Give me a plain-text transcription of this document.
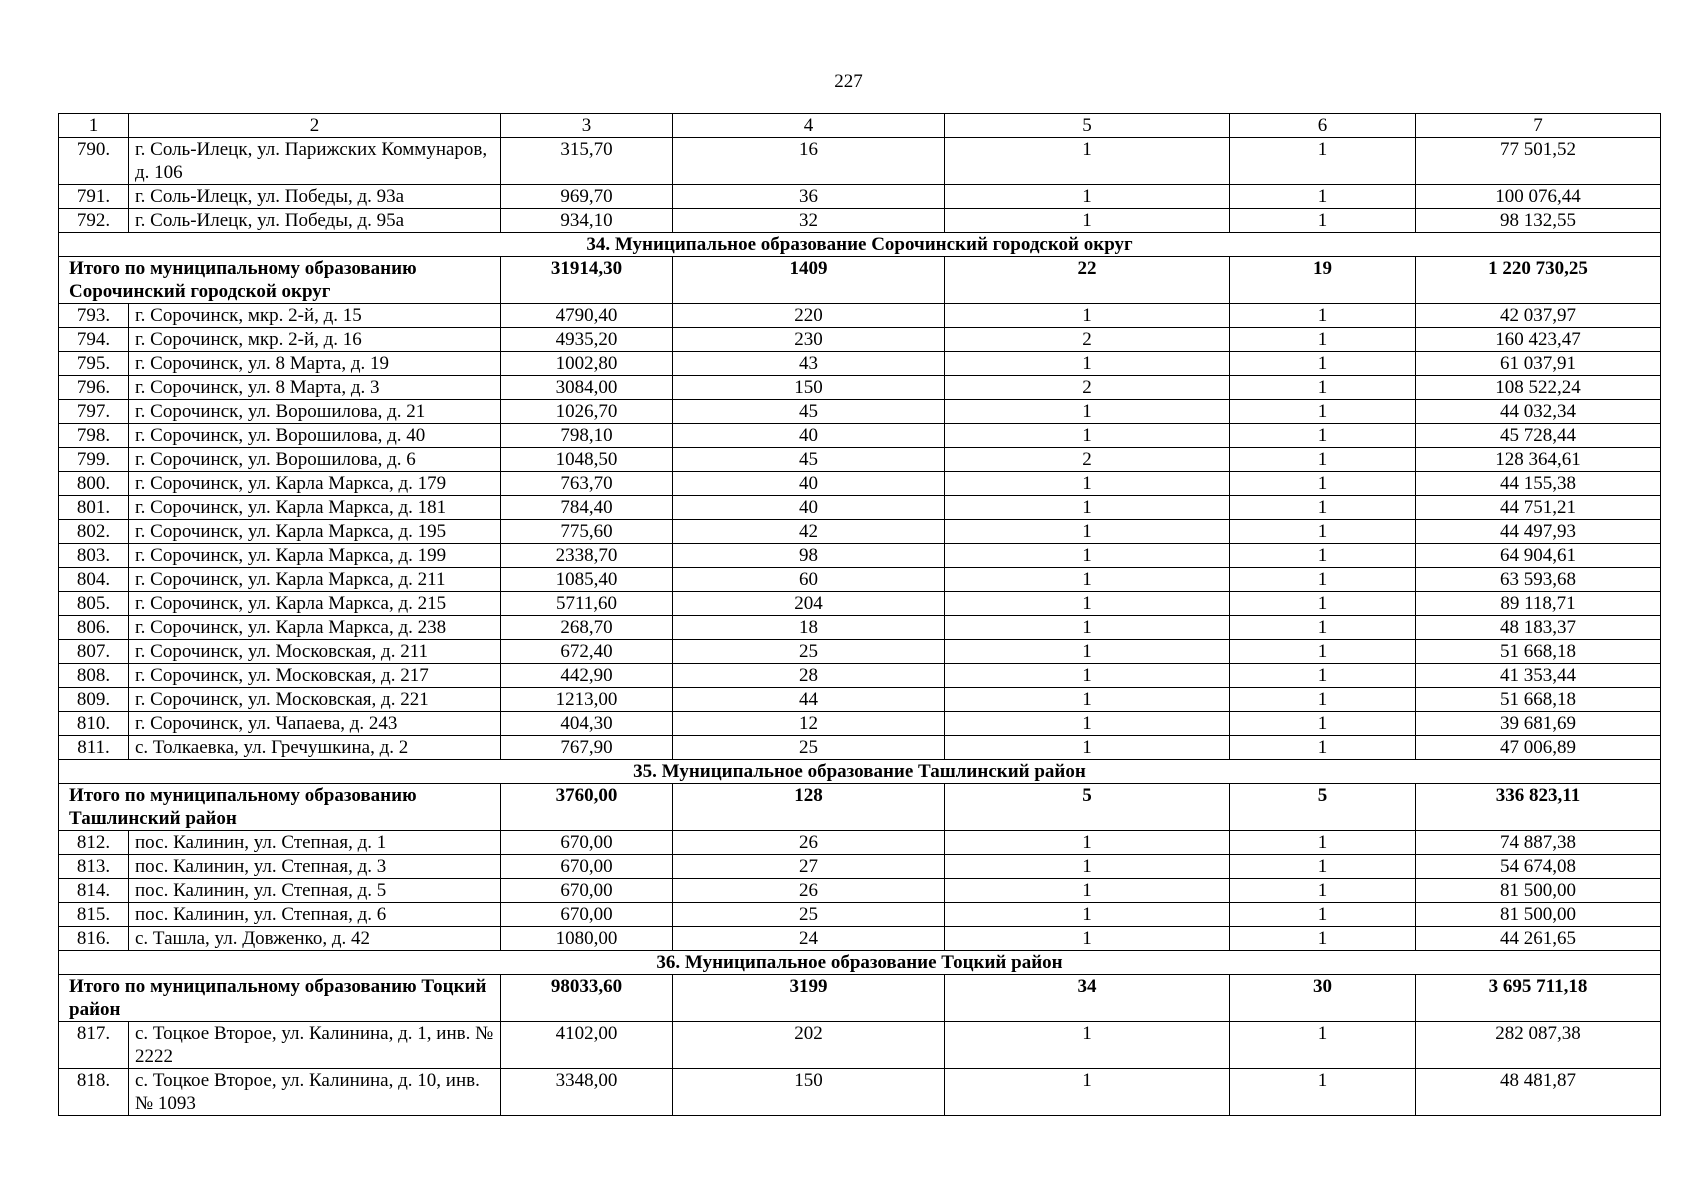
227
1	2	3	4	5	6	7
790.	г. Соль-Илецк, ул. Парижских Коммунаров, д. 106	315,70	16	1	1	77 501,52
791.	г. Соль-Илецк, ул. Победы, д. 93а	969,70	36	1	1	100 076,44
792.	г. Соль-Илецк, ул. Победы, д. 95а	934,10	32	1	1	98 132,55
34. Муниципальное образование Сорочинский городской округ						
Итого по муниципальному образованию Сорочинский городской округ		31914,30	1409	22	19	1 220 730,25
793.	г. Сорочинск, мкр. 2-й, д. 15	4790,40	220	1	1	42 037,97
794.	г. Сорочинск, мкр. 2-й, д. 16	4935,20	230	2	1	160 423,47
795.	г. Сорочинск, ул. 8 Марта, д. 19	1002,80	43	1	1	61 037,91
796.	г. Сорочинск, ул. 8 Марта, д. 3	3084,00	150	2	1	108 522,24
797.	г. Сорочинск, ул. Ворошилова, д. 21	1026,70	45	1	1	44 032,34
798.	г. Сорочинск, ул. Ворошилова, д. 40	798,10	40	1	1	45 728,44
799.	г. Сорочинск, ул. Ворошилова, д. 6	1048,50	45	2	1	128 364,61
800.	г. Сорочинск, ул. Карла Маркса, д. 179	763,70	40	1	1	44 155,38
801.	г. Сорочинск, ул. Карла Маркса, д. 181	784,40	40	1	1	44 751,21
802.	г. Сорочинск, ул. Карла Маркса, д. 195	775,60	42	1	1	44 497,93
803.	г. Сорочинск, ул. Карла Маркса, д. 199	2338,70	98	1	1	64 904,61
804.	г. Сорочинск, ул. Карла Маркса, д. 211	1085,40	60	1	1	63 593,68
805.	г. Сорочинск, ул. Карла Маркса, д. 215	5711,60	204	1	1	89 118,71
806.	г. Сорочинск, ул. Карла Маркса, д. 238	268,70	18	1	1	48 183,37
807.	г. Сорочинск, ул. Московская, д. 211	672,40	25	1	1	51 668,18
808.	г. Сорочинск, ул. Московская, д. 217	442,90	28	1	1	41 353,44
809.	г. Сорочинск, ул. Московская, д. 221	1213,00	44	1	1	51 668,18
810.	г. Сорочинск, ул. Чапаева, д. 243	404,30	12	1	1	39 681,69
811.	с. Толкаевка, ул. Гречушкина, д. 2	767,90	25	1	1	47 006,89
35. Муниципальное образование Ташлинский район						
Итого по муниципальному образованию Ташлинский район		3760,00	128	5	5	336 823,11
812.	пос. Калинин, ул. Степная, д. 1	670,00	26	1	1	74 887,38
813.	пос. Калинин, ул. Степная, д. 3	670,00	27	1	1	54 674,08
814.	пос. Калинин, ул. Степная, д. 5	670,00	26	1	1	81 500,00
815.	пос. Калинин, ул. Степная, д. 6	670,00	25	1	1	81 500,00
816.	с. Ташла, ул. Довженко, д. 42	1080,00	24	1	1	44 261,65
36. Муниципальное образование Тоцкий район						
Итого по муниципальному образованию Тоцкий район		98033,60	3199	34	30	3 695 711,18
817.	с. Тоцкое Второе, ул. Калинина, д. 1, инв. № 2222	4102,00	202	1	1	282 087,38
818.	с. Тоцкое Второе, ул. Калинина, д. 10, инв. № 1093	3348,00	150	1	1	48 481,87
